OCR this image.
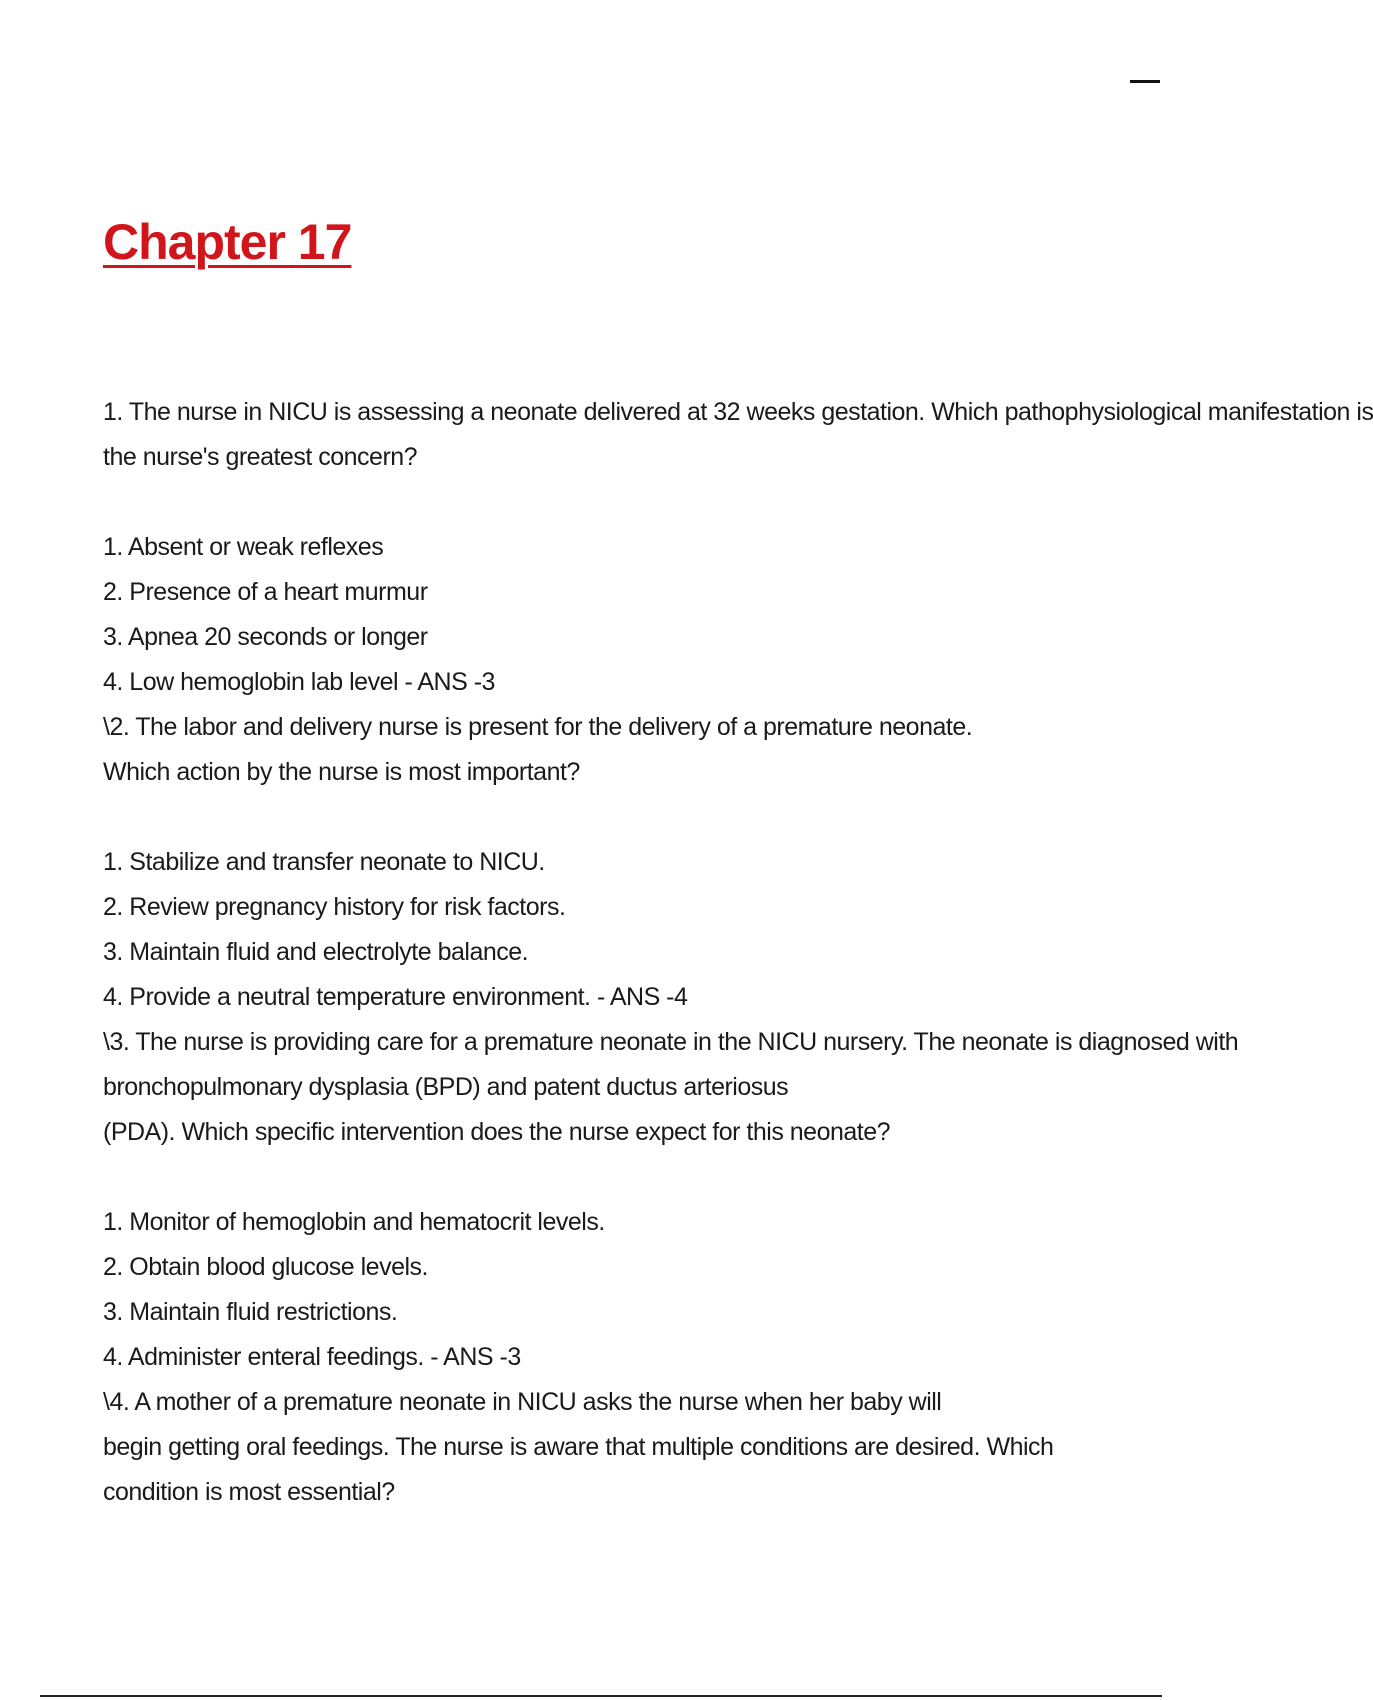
Chapter 17
1. The nurse in NICU is assessing a neonate delivered at 32 weeks gestation. Which pathophysiological manifestation is
the nurse's greatest concern?
1. Absent or weak reflexes
2. Presence of a heart murmur
3. Apnea 20 seconds or longer
4. Low hemoglobin lab level - ANS -3
\2. The labor and delivery nurse is present for the delivery of a premature neonate.
Which action by the nurse is most important?
1. Stabilize and transfer neonate to NICU.
2. Review pregnancy history for risk factors.
3. Maintain fluid and electrolyte balance.
4. Provide a neutral temperature environment. - ANS -4
\3. The nurse is providing care for a premature neonate in the NICU nursery. The neonate is diagnosed with
bronchopulmonary dysplasia (BPD) and patent ductus arteriosus
(PDA). Which specific intervention does the nurse expect for this neonate?
1. Monitor of hemoglobin and hematocrit levels.
2. Obtain blood glucose levels.
3. Maintain fluid restrictions.
4. Administer enteral feedings. - ANS -3
\4. A mother of a premature neonate in NICU asks the nurse when her baby will
begin getting oral feedings. The nurse is aware that multiple conditions are desired. Which
condition is most essential?
